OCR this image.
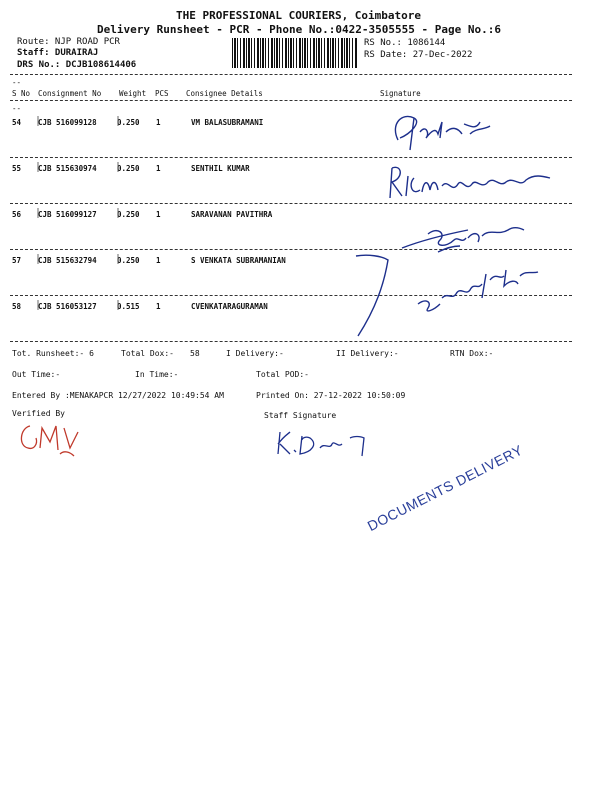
THE PROFESSIONAL COURIERS, Coimbatore
Delivery Runsheet - PCR - Phone No.:0422-3505555 - Page No.:6
Route: NJP ROAD PCR
Staff: DURAIRAJ
DRS No.: DCJB108614406
RS No.: 1086144
RS Date: 27-Dec-2022
--
S No Consignment No Weight PCS Consignee Details	Signature
--
54 CJB 516099128	0.250 1	VM BALASUBRAMANI
55 CJB 515630974	0.250 1	SENTHIL KUMAR
56 CJB 516099127	0.250 1	SARAVANAN PAVITHRA
57 CJB 515632794	0.250 1	S VENKATA SUBRAMANIAN
58 CJB 516053127	0.515 1	CVENKATARAGURAMAN
Tot. Runsheet:- 6	Total Dox:- 58	I Delivery:-	II Delivery:-	RTN Dox:-
Out Time:-	In Time:-	Total POD:-
Entered By :MENAKAPCR 12/27/2022 10:49:54 AM	Printed On: 27-12-2022 10:50:09
Verified By	Staff Signature
DOCUMENTS DELIVERY
